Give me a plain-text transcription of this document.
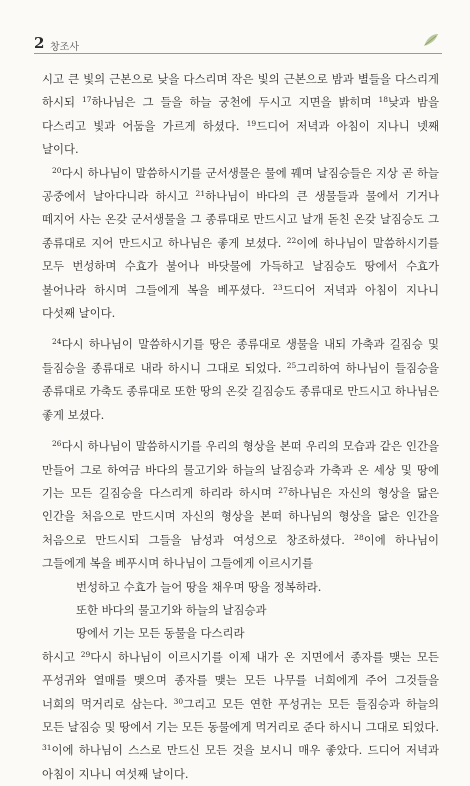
2 창조사

시고 큰 빛의 근본으로 낮을 다스리며 작은 빛의 근본으로 밤과 별들을 다스리게 하시되 $^{17}$하나님은 그 들을 하늘 궁천에 두시고 지면을 밝히며 $^{18}$낮과 밤을 다스리고 빛과 어둠을 가르게 하셨다. $^{19}$드디어 저녁과 아침이 지나니 넷째 날이다.

$^{20}$다시 하나님이 말씀하시기를 군서생물은 물에 꿰며 날짐승들은 지상 곧 하늘 공중에서 날아다니라 하시고 $^{21}$하나님이 바다의 큰 생물들과 물에서 기거나 떼지어 사는 온갖 군서생물을 그 종류대로 만드시고 날개 돋친 온갖 날짐승도 그 종류대로 지어 만드시고 하나님은 좋게 보셨다. $^{22}$이에 하나님이 말씀하시기를 모두 번성하며 수효가 불어나 바닷물에 가득하고 날짐승도 땅에서 수효가 불어나라 하시며 그들에게 복을 베푸셨다. $^{23}$드디어 저녁과 아침이 지나니 다섯째 날이다.

$^{24}$다시 하나님이 말씀하시기를 땅은 종류대로 생물을 내되 가축과 길짐승 및 들짐승을 종류대로 내라 하시니 그대로 되었다. $^{25}$그리하여 하나님이 들짐승을 종류대로 가축도 종류대로 또한 땅의 온갖 길짐승도 종류대로 만드시고 하나님은 좋게 보셨다.

$^{26}$다시 하나님이 말씀하시기를 우리의 형상을 본떠 우리의 모습과 같은 인간을 만들어 그로 하여금 바다의 물고기와 하늘의 날짐승과 가축과 온 세상 및 땅에 기는 모든 길짐승을 다스리게 하리라 하시며 $^{27}$하나님은 자신의 형상을 닮은 인간을 처음으로 만드시며 자신의 형상을 본떠 하나님의 형상을 닮은 인간을 처음으로 만드시되 그들을 남성과 여성으로 창조하셨다. $^{28}$이에 하나님이 그들에게 복을 베푸시며 하나님이 그들에게 이르시기를

번성하고 수효가 늘어 땅을 채우며 땅을 정복하라.

또한 바다의 물고기와 하늘의 날짐승과

땅에서 기는 모든 동물을 다스리라

하시고 $^{29}$다시 하나님이 이르시기를 이제 내가 온 지면에서 종자를 맺는 모든 푸성귀와 열매를 맺으며 종자를 맺는 모든 나무를 너희에게 주어 그것들을 너희의 먹거리로 삼는다. $^{30}$그리고 모든 연한 푸성귀는 모든 들짐승과 하늘의 모든 날짐승 및 땅에서 기는 모든 동물에게 먹거리로 준다 하시니 그대로 되었다. $^{31}$이에 하나님이 스스로 만드신 모든 것을 보시니 매우 좋았다. 드디어 저녁과 아침이 지나니 여섯째 날이다.
